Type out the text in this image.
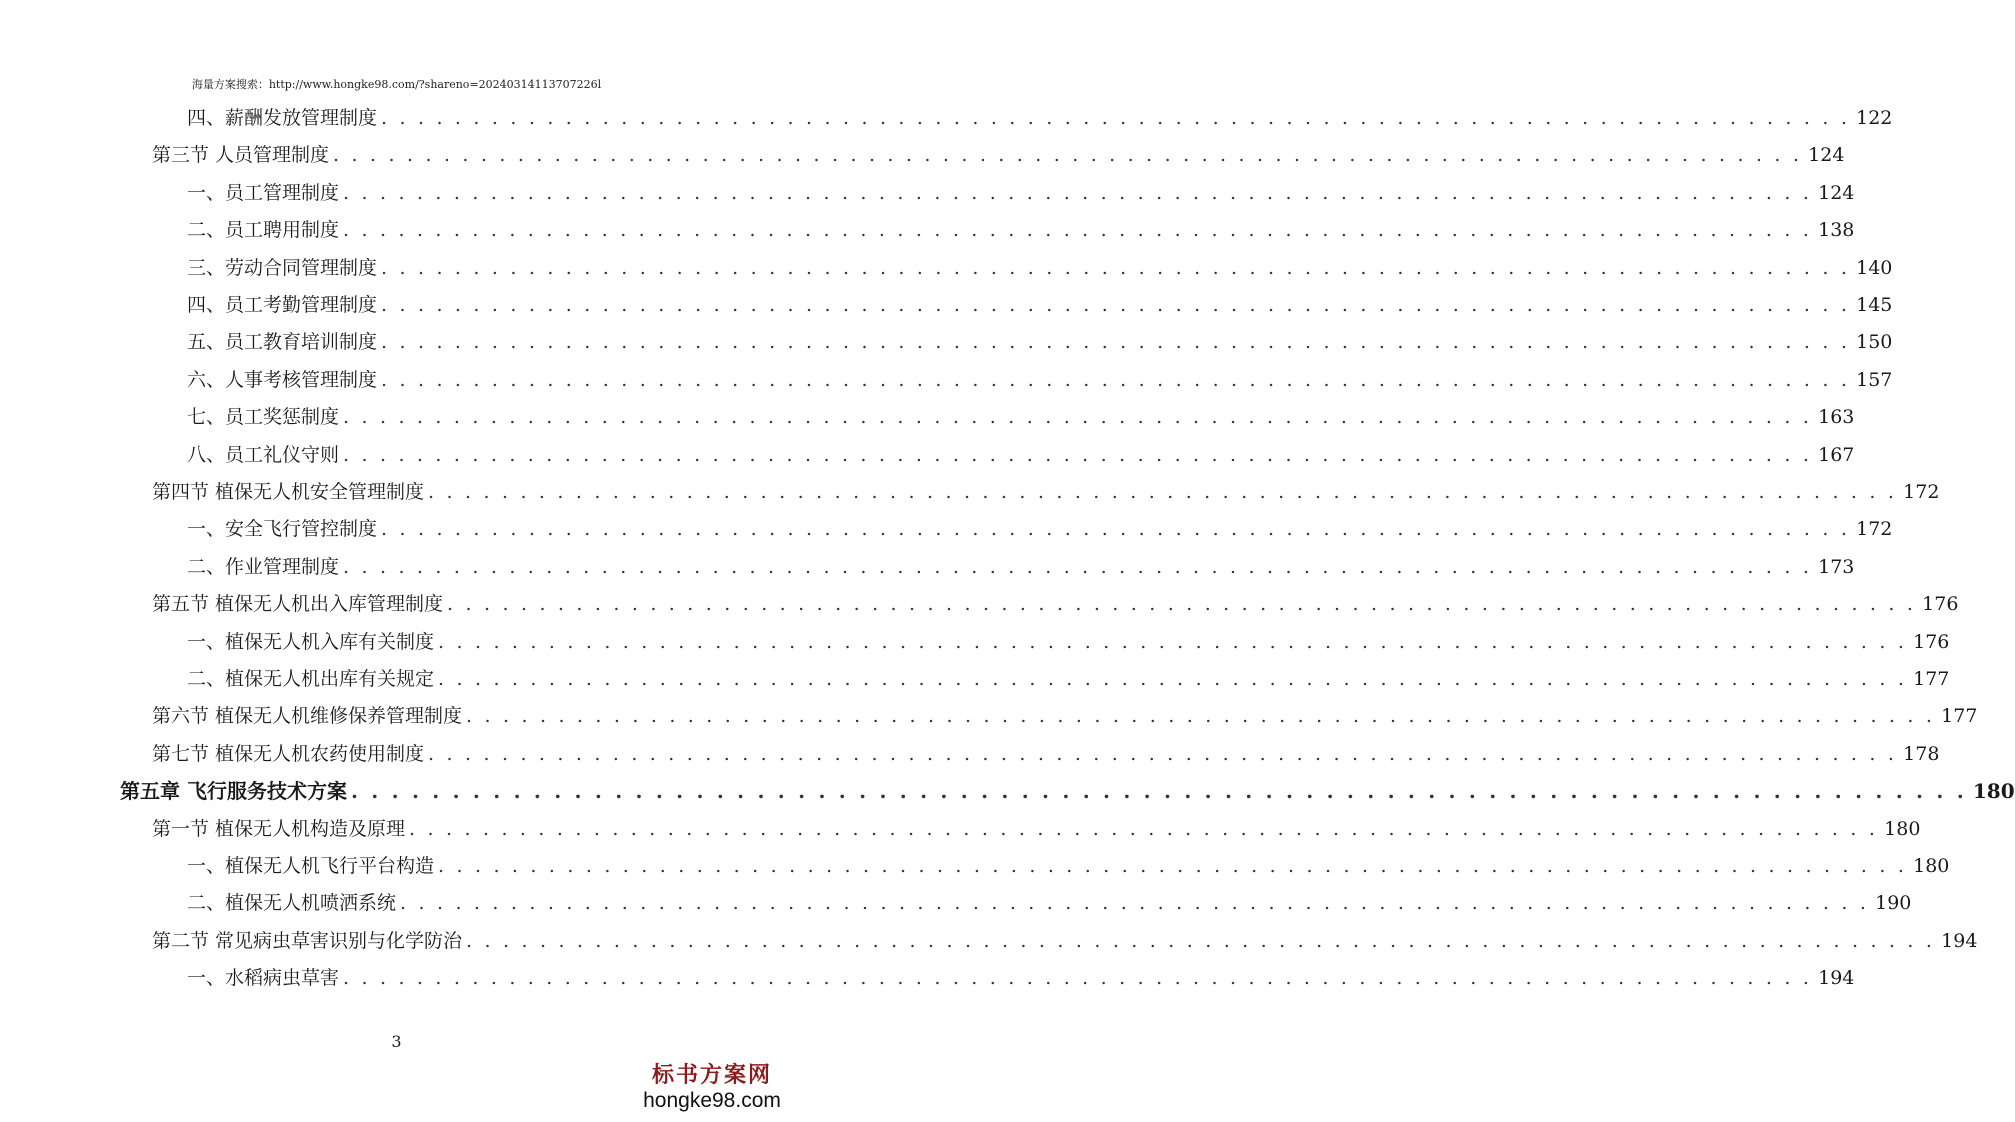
海量方案搜索：http://www.hongke98.com/?shareno=20240314113707226l
四、薪酬发放管理制度 . . . . . . . . . . . . . . . . . . . . . . . . . . . . . . . . . . . . . . . . . . . . . . . . . . . . . . . . . . . . . . . . . . . . . . . . . . . . . . . . 122
第三节 人员管理制度 . . . . . . . . . . . . . . . . . . . . . . . . . . . . . . . . . . . . . . . . . . . . . . . . . . . . . . . . . . . . . . . . . . . . . . . . . . . . . . . . 124
一、员工管理制度 . . . . . . . . . . . . . . . . . . . . . . . . . . . . . . . . . . . . . . . . . . . . . . . . . . . . . . . . . . . . . . . . . . . . . . . . . . . . . . . . 124
二、员工聘用制度 . . . . . . . . . . . . . . . . . . . . . . . . . . . . . . . . . . . . . . . . . . . . . . . . . . . . . . . . . . . . . . . . . . . . . . . . . . . . . . . . 138
三、劳动合同管理制度 . . . . . . . . . . . . . . . . . . . . . . . . . . . . . . . . . . . . . . . . . . . . . . . . . . . . . . . . . . . . . . . . . . . . . . . . . . . . . . . . 140
四、员工考勤管理制度 . . . . . . . . . . . . . . . . . . . . . . . . . . . . . . . . . . . . . . . . . . . . . . . . . . . . . . . . . . . . . . . . . . . . . . . . . . . . . . . . 145
五、员工教育培训制度 . . . . . . . . . . . . . . . . . . . . . . . . . . . . . . . . . . . . . . . . . . . . . . . . . . . . . . . . . . . . . . . . . . . . . . . . . . . . . . . . 150
六、人事考核管理制度 . . . . . . . . . . . . . . . . . . . . . . . . . . . . . . . . . . . . . . . . . . . . . . . . . . . . . . . . . . . . . . . . . . . . . . . . . . . . . . . . 157
七、员工奖惩制度 . . . . . . . . . . . . . . . . . . . . . . . . . . . . . . . . . . . . . . . . . . . . . . . . . . . . . . . . . . . . . . . . . . . . . . . . . . . . . . . . 163
八、员工礼仪守则 . . . . . . . . . . . . . . . . . . . . . . . . . . . . . . . . . . . . . . . . . . . . . . . . . . . . . . . . . . . . . . . . . . . . . . . . . . . . . . . . 167
第四节 植保无人机安全管理制度 . . . . . . . . . . . . . . . . . . . . . . . . . . . . . . . . . . . . . . . . . . . . . . . . . . . . . . . . . . . . . . . . . . . . . . . . . . . . . . . . 172
一、安全飞行管控制度 . . . . . . . . . . . . . . . . . . . . . . . . . . . . . . . . . . . . . . . . . . . . . . . . . . . . . . . . . . . . . . . . . . . . . . . . . . . . . . . . 172
二、作业管理制度 . . . . . . . . . . . . . . . . . . . . . . . . . . . . . . . . . . . . . . . . . . . . . . . . . . . . . . . . . . . . . . . . . . . . . . . . . . . . . . . . 173
第五节 植保无人机出入库管理制度 . . . . . . . . . . . . . . . . . . . . . . . . . . . . . . . . . . . . . . . . . . . . . . . . . . . . . . . . . . . . . . . . . . . . . . . . . . . . . . . . 176
一、植保无人机入库有关制度 . . . . . . . . . . . . . . . . . . . . . . . . . . . . . . . . . . . . . . . . . . . . . . . . . . . . . . . . . . . . . . . . . . . . . . . . . . . . . . . . 176
二、植保无人机出库有关规定 . . . . . . . . . . . . . . . . . . . . . . . . . . . . . . . . . . . . . . . . . . . . . . . . . . . . . . . . . . . . . . . . . . . . . . . . . . . . . . . . 177
第六节 植保无人机维修保养管理制度 . . . . . . . . . . . . . . . . . . . . . . . . . . . . . . . . . . . . . . . . . . . . . . . . . . . . . . . . . . . . . . . . . . . . . . . . . . . . . . . . 177
第七节 植保无人机农药使用制度 . . . . . . . . . . . . . . . . . . . . . . . . . . . . . . . . . . . . . . . . . . . . . . . . . . . . . . . . . . . . . . . . . . . . . . . . . . . . . . . . 178
第五章 飞行服务技术方案 . . . . . . . . . . . . . . . . . . . . . . . . . . . . . . . . . . . . . . . . . . . . . . . . . . . . . . . . . . . . . . . . . . . . . . . . . . . . . . . . 180
第一节 植保无人机构造及原理 . . . . . . . . . . . . . . . . . . . . . . . . . . . . . . . . . . . . . . . . . . . . . . . . . . . . . . . . . . . . . . . . . . . . . . . . . . . . . . . . 180
一、植保无人机飞行平台构造 . . . . . . . . . . . . . . . . . . . . . . . . . . . . . . . . . . . . . . . . . . . . . . . . . . . . . . . . . . . . . . . . . . . . . . . . . . . . . . . . 180
二、植保无人机喷洒系统 . . . . . . . . . . . . . . . . . . . . . . . . . . . . . . . . . . . . . . . . . . . . . . . . . . . . . . . . . . . . . . . . . . . . . . . . . . . . . . . . 190
第二节 常见病虫草害识别与化学防治 . . . . . . . . . . . . . . . . . . . . . . . . . . . . . . . . . . . . . . . . . . . . . . . . . . . . . . . . . . . . . . . . . . . . . . . . . . . . . . . . 194
一、水稻病虫草害 . . . . . . . . . . . . . . . . . . . . . . . . . . . . . . . . . . . . . . . . . . . . . . . . . . . . . . . . . . . . . . . . . . . . . . . . . . . . . . . . 194
3
标书方案网
hongke98.com
